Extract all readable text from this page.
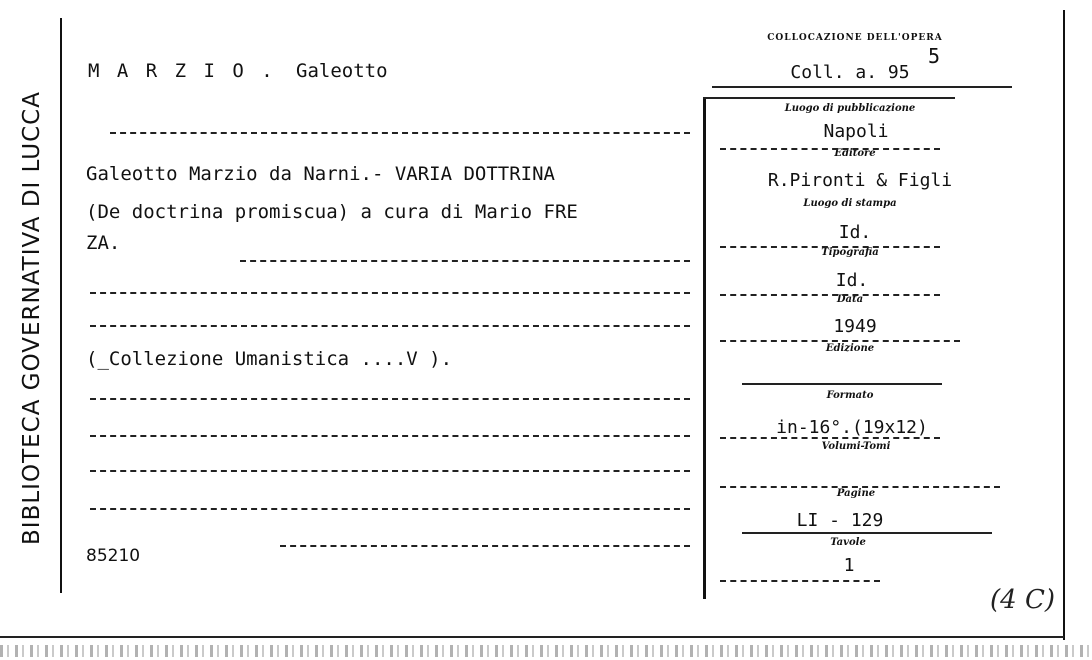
BIBLIOTECA GOVERNATIVA DI LUCCA
M A R Z I O . Galeotto
Galeotto Marzio da Narni.- VARIA DOTTRINA
(De doctrina promiscua) a cura di Mario FRE
ZA.
(_Collezione Umanistica ....V ).
85210
COLLOCAZIONE DELL'OPERA
Coll. a. 95
5
Luogo di pubblicazione
Napoli
Editore
R.Pironti & Figli
Luogo di stampa
Id.
Tipografia
Id.
Data
1949
Edizione
Formato
in-16°.(19x12)
Volumi-Tomi
Pagine
LI - 129
Tavole
1
(4 C)
